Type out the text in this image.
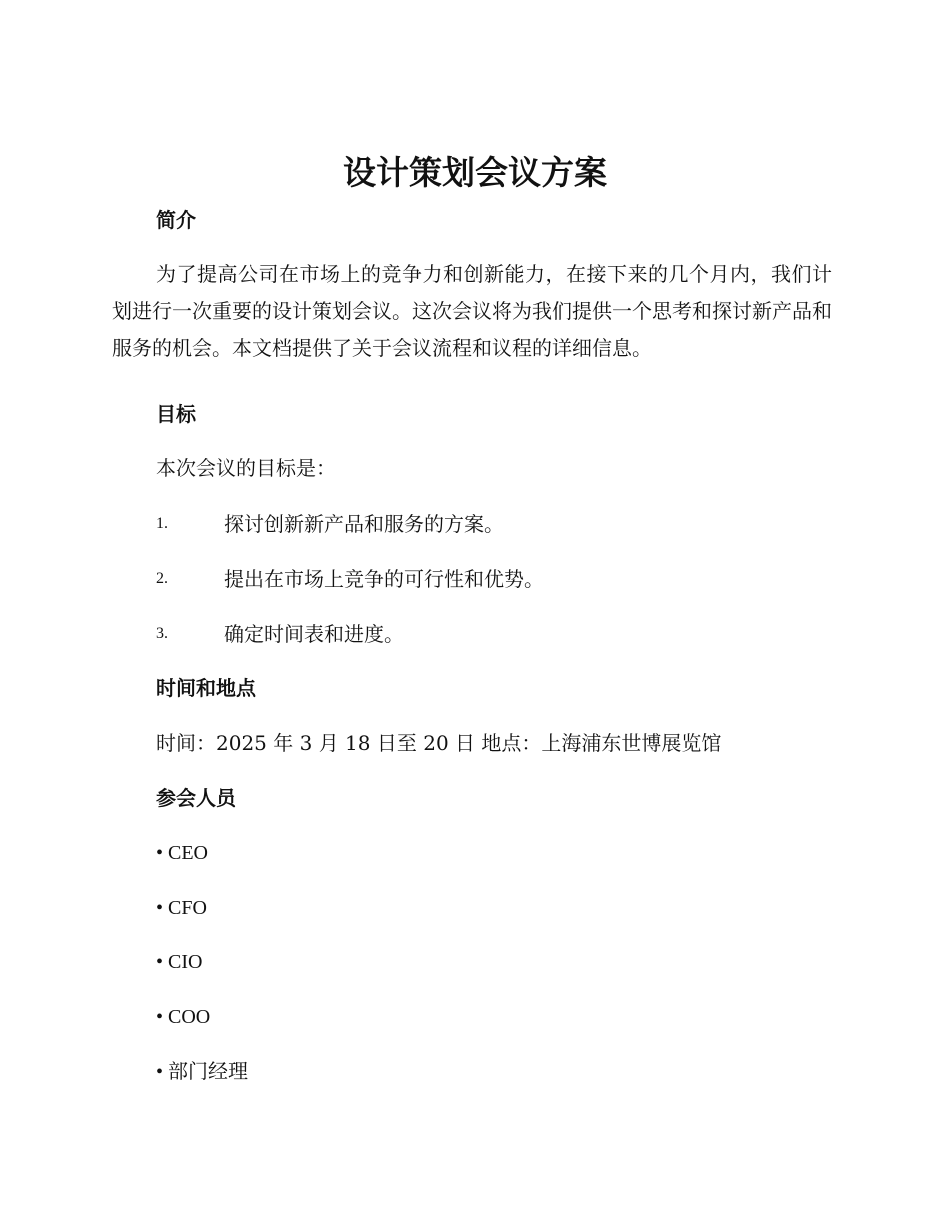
设计策划会议方案
简介

为了提高公司在市场上的竞争力和创新能力，在接下来的几个月内，我们计划进行一次重要的设计策划会议。这次会议将为我们提供一个思考和探讨新产品和服务的机会。本文档提供了关于会议流程和议程的详细信息。

目标

本次会议的目标是：

1.	探讨创新新产品和服务的方案。
2.	提出在市场上竞争的可行性和优势。
3.	确定时间表和进度。
时间和地点

时间：2025 年 3 月 18 日至 20 日 地点：上海浦东世博展览馆

参会人员
• CEO
• CFO
• CIO
• COO
• 部门经理
